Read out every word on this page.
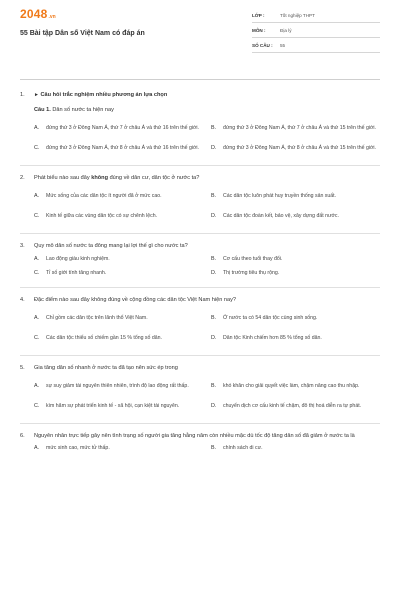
2048 .vn
55 Bài tập Dân số Việt Nam có đáp án
LỚP :	Tốt nghiệp THPT
MÔN :	Địa lý
SỐ CÂU :	55
1.	► Câu hỏi trắc nghiệm nhiều phương án lựa chọn
Câu 1. Dân số nước ta hiện nay
A.	đứng thứ 3 ở Đông Nam Á, thứ 7 ở châu Á và thứ 16 trên thế giới.	B.	đứng thứ 3 ở Đông Nam Á, thứ 7 ở châu Á và thứ 15 trên thế giới.
C.	đứng thứ 3 ở Đông Nam Á, thứ 8 ở châu Á và thứ 16 trên thế giới.	D.	đứng thứ 3 ở Đông Nam Á, thứ 8 ở châu Á và thứ 15 trên thế giới.
2.	Phát biểu nào sau đây không đúng về dân cư, dân tộc ở nước ta?
A.	Mức sống của các dân tộc ít người đã ở mức cao.	B.	Các dân tộc luôn phát huy truyền thống sản xuất.
C.	Kinh tế giữa các vùng dân tộc có sự chênh lệch.	D.	Các dân tộc đoàn kết, bảo vệ, xây dựng đất nước.
3.	Quy mô dân số nước ta đông mang lại lợi thế gì cho nước ta?
A.	Lao động giàu kinh nghiệm.	B.	Cơ cấu theo tuổi thay đổi.
C.	Tỉ số giới tính tăng nhanh.	D.	Thị trường tiêu thụ rộng.
4.	Đặc điểm nào sau đây không đúng về cộng đồng các dân tộc Việt Nam hiện nay?
A.	Chỉ gồm các dân tộc trên lãnh thổ Việt Nam.	B.	Ở nước ta có 54 dân tộc cùng sinh sống.
C.	Các dân tộc thiểu số chiếm gần 15 % tổng số dân.	D.	Dân tộc Kinh chiếm hơn 85 % tổng số dân.
5.	Gia tăng dân số nhanh ở nước ta đã tạo nên sức ép trong
A.	sự suy giảm tài nguyên thiên nhiên, trình độ lao động rất thấp.	B.	khó khăn cho giải quyết việc làm, chậm nâng cao thu nhập.
C.	kìm hãm sự phát triển kinh tế - xã hội, cạn kiệt tài nguyên.	D.	chuyển dịch cơ cấu kinh tế chậm, đô thị hoá diễn ra tự phát.
6.	Nguyên nhân trực tiếp gây nên tình trạng số người gia tăng hằng năm còn nhiều mặc dù tốc độ tăng dân số đã giảm ở nước ta là
A.	mức sinh cao, mức tử thấp.	B.	chính sách di cư.
